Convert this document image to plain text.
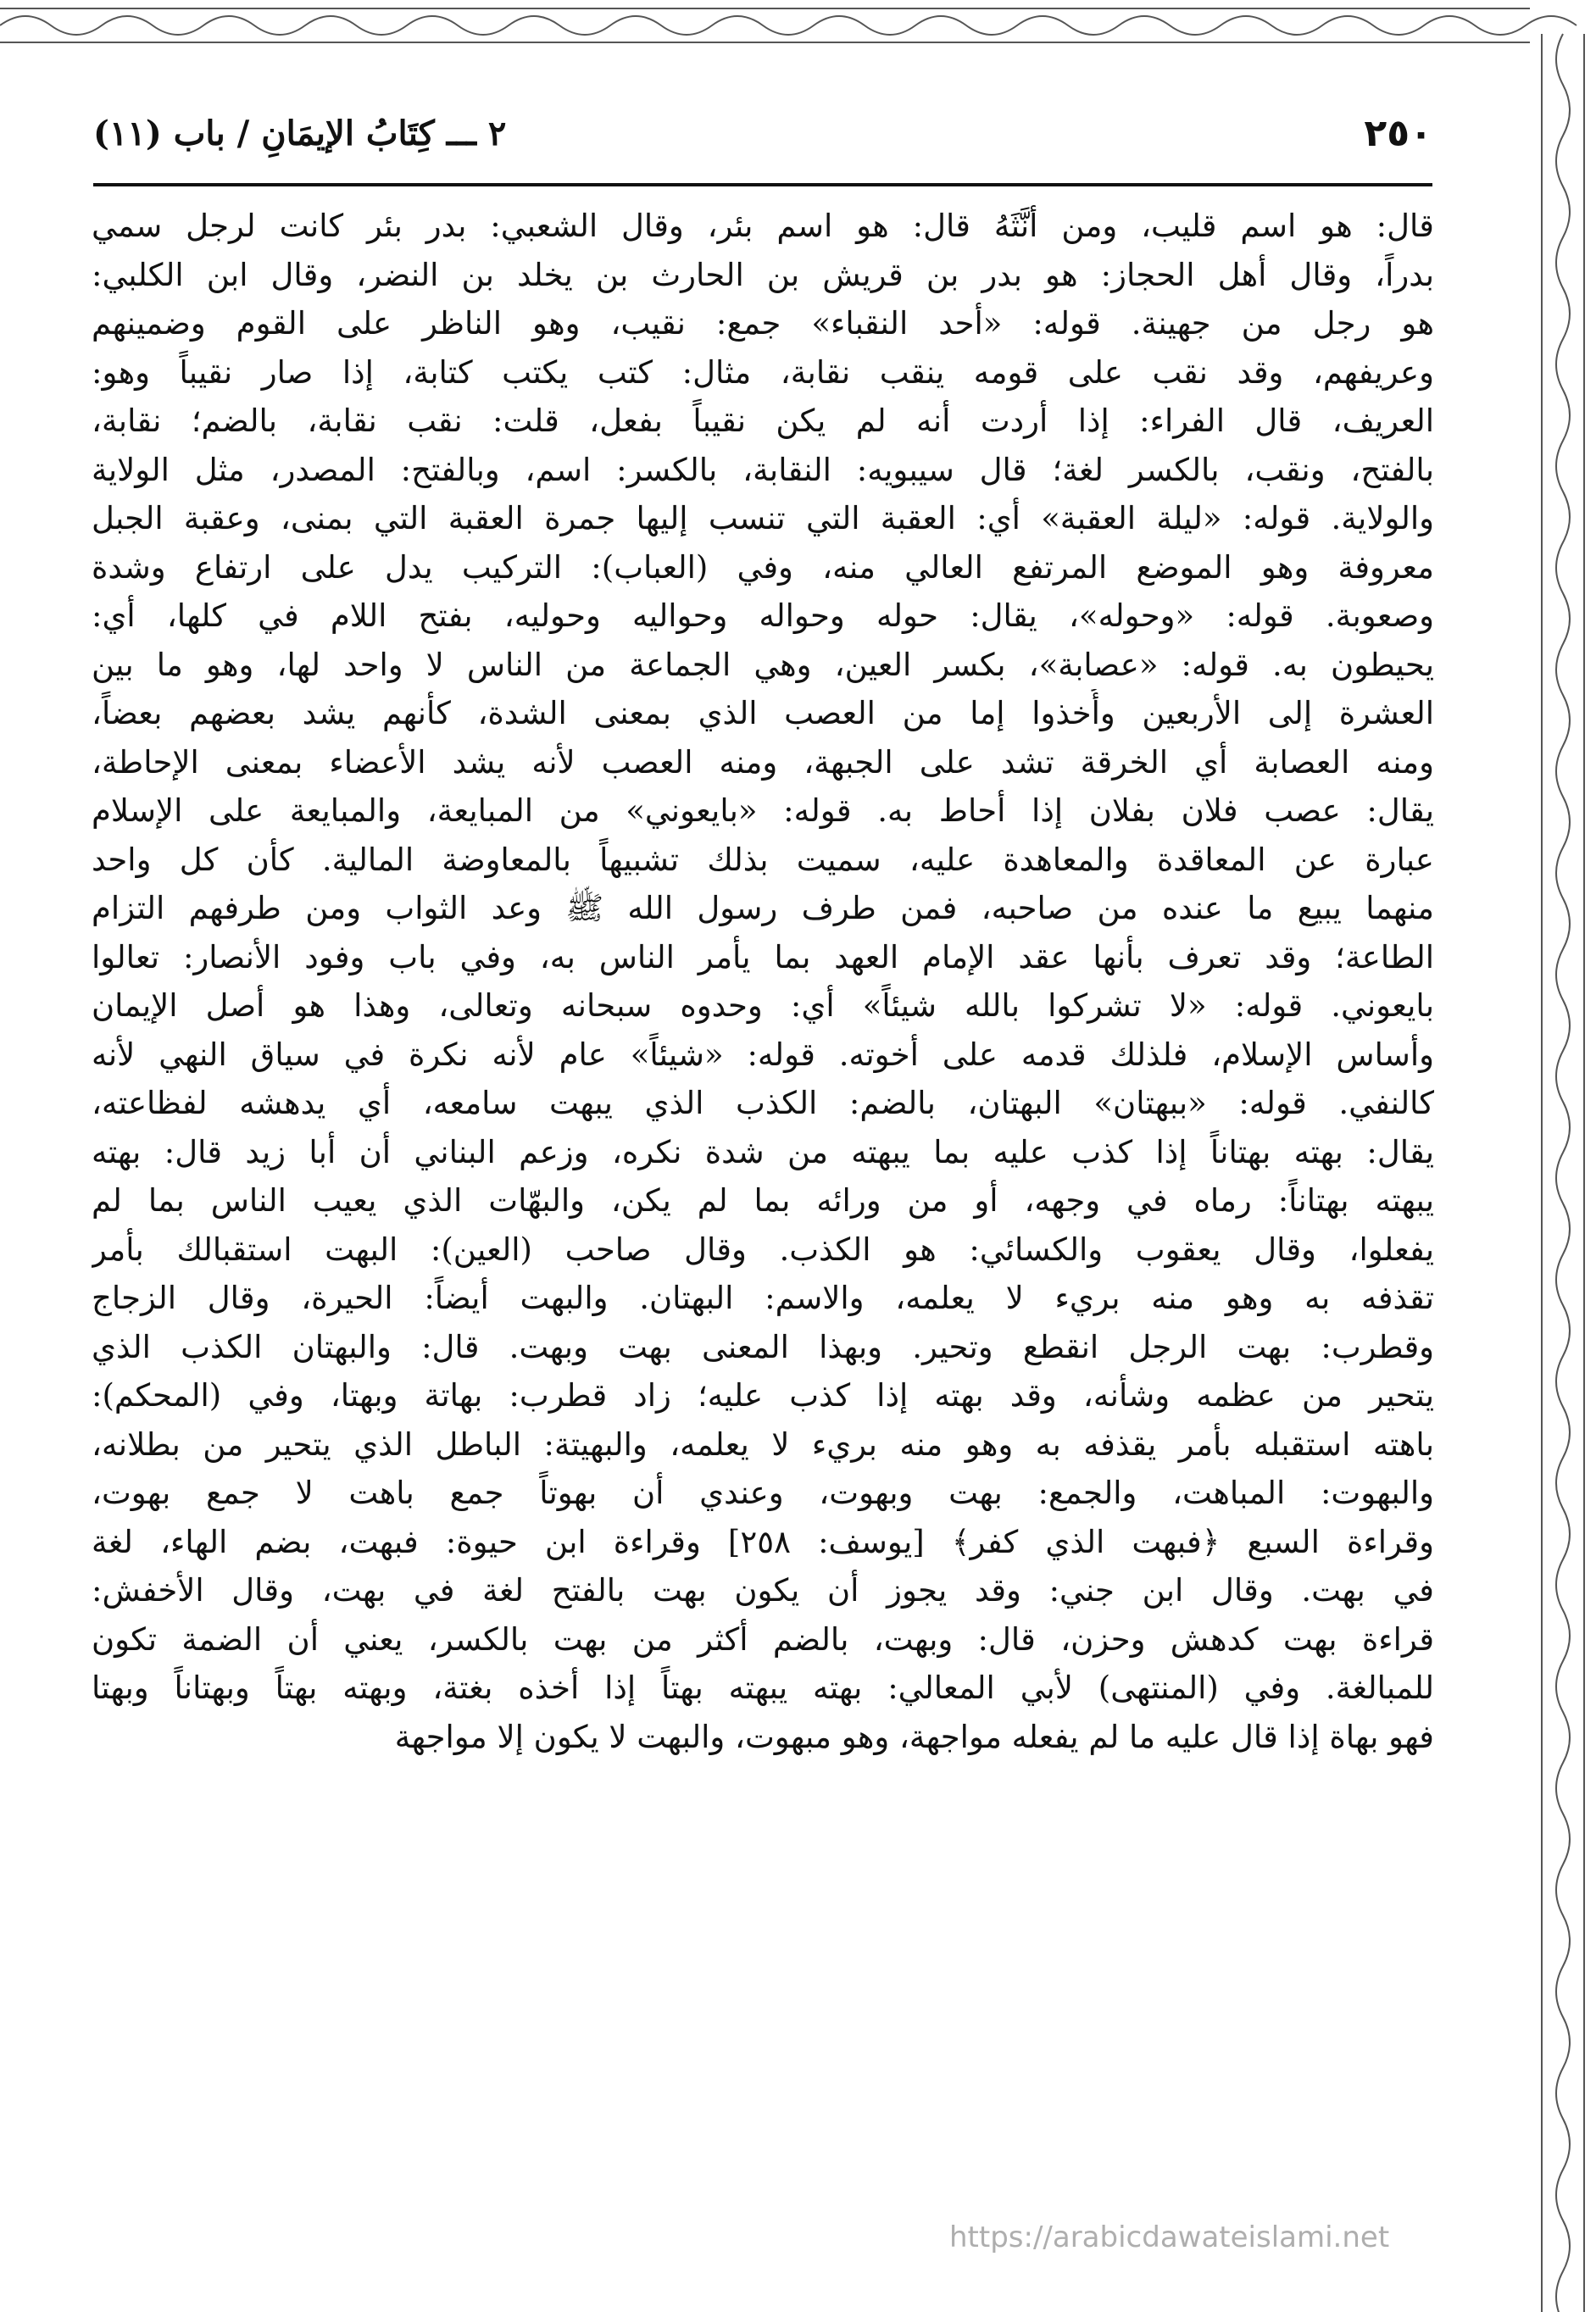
٢٥٠
٢ ـــ كِتَابُ الإيمَانِ / باب (١١)
قال: هو اسم قليب، ومن أنَّثَهُ قال: هو اسم بئر، وقال الشعبي: بدر بئر كانت لرجل سمي
بدراً، وقال أهل الحجاز: هو بدر بن قريش بن الحارث بن يخلد بن النضر، وقال ابن الكلبي:
هو رجل من جهينة. قوله: «أحد النقباء» جمع: نقيب، وهو الناظر على القوم وضمينهم
وعريفهم، وقد نقب على قومه ينقب نقابة، مثال: كتب يكتب كتابة، إذا صار نقيباً وهو:
العريف، قال الفراء: إذا أردت أنه لم يكن نقيباً بفعل، قلت: نقب نقابة، بالضم؛ نقابة،
بالفتح، ونقب، بالكسر لغة؛ قال سيبويه: النقابة، بالكسر: اسم، وبالفتح: المصدر، مثل الولاية
والولاية. قوله: «ليلة العقبة» أي: العقبة التي تنسب إليها جمرة العقبة التي بمنى، وعقبة الجبل
معروفة وهو الموضع المرتفع العالي منه، وفي (العباب): التركيب يدل على ارتفاع وشدة
وصعوبة. قوله: «وحوله»، يقال: حوله وحواله وحواليه وحوليه، بفتح اللام في كلها، أي:
يحيطون به. قوله: «عصابة»، بكسر العين، وهي الجماعة من الناس لا واحد لها، وهو ما بين
العشرة إلى الأربعين وأُخذوا إما من العصب الذي بمعنى الشدة، كأنهم يشد بعضهم بعضاً،
ومنه العصابة أي الخرقة تشد على الجبهة، ومنه العصب لأنه يشد الأعضاء بمعنى الإحاطة،
يقال: عصب فلان بفلان إذا أحاط به. قوله: «بايعوني» من المبايعة، والمبايعة على الإسلام
عبارة عن المعاقدة والمعاهدة عليه، سميت بذلك تشبيهاً بالمعاوضة المالية. كأن كل واحد
منهما يبيع ما عنده من صاحبه، فمن طرف رسول الله ﷺ وعد الثواب ومن طرفهم التزام
الطاعة؛ وقد تعرف بأنها عقد الإمام العهد بما يأمر الناس به، وفي باب وفود الأنصار: تعالوا
بايعوني. قوله: «لا تشركوا بالله شيئاً» أي: وحدوه سبحانه وتعالى، وهذا هو أصل الإيمان
وأساس الإسلام، فلذلك قدمه على أخوته. قوله: «شيئاً» عام لأنه نكرة في سياق النهي لأنه
كالنفي. قوله: «ببهتان» البهتان، بالضم: الكذب الذي يبهت سامعه، أي يدهشه لفظاعته،
يقال: بهته بهتاناً إذا كذب عليه بما يبهته من شدة نكره، وزعم البناني أن أبا زيد قال: بهته
يبهته بهتاناً: رماه في وجهه، أو من ورائه بما لم يكن، والبهّات الذي يعيب الناس بما لم
يفعلوا، وقال يعقوب والكسائي: هو الكذب. وقال صاحب (العين): البهت استقبالك بأمر
تقذفه به وهو منه بريء لا يعلمه، والاسم: البهتان. والبهت أيضاً: الحيرة، وقال الزجاج
وقطرب: بهت الرجل انقطع وتحير. وبهذا المعنى بهت وبهت. قال: والبهتان الكذب الذي
يتحير من عظمه وشأنه، وقد بهته إذا كذب عليه؛ زاد قطرب: بهاتة وبهتا، وفي (المحكم):
باهته استقبله بأمر يقذفه به وهو منه بريء لا يعلمه، والبهيتة: الباطل الذي يتحير من بطلانه،
والبهوت: المباهت، والجمع: بهت وبهوت، وعندي أن بهوتاً جمع باهت لا جمع بهوت،
وقراءة السبع ﴿فبهت الذي كفر﴾ [يوسف: ٢٥٨] وقراءة ابن حيوة: فبهت، بضم الهاء، لغة
في بهت. وقال ابن جني: وقد يجوز أن يكون بهت بالفتح لغة في بهت، وقال الأخفش:
قراءة بهت كدهش وحزن، قال: وبهت، بالضم أكثر من بهت بالكسر، يعني أن الضمة تكون
للمبالغة. وفي (المنتهى) لأبي المعالي: بهته يبهته بهتاً إذا أخذه بغتة، وبهته بهتاً وبهتاناً وبهتا
فهو بهاة إذا قال عليه ما لم يفعله مواجهة، وهو مبهوت، والبهت لا يكون إلا مواجهة
https://arabicdawateislami.net
